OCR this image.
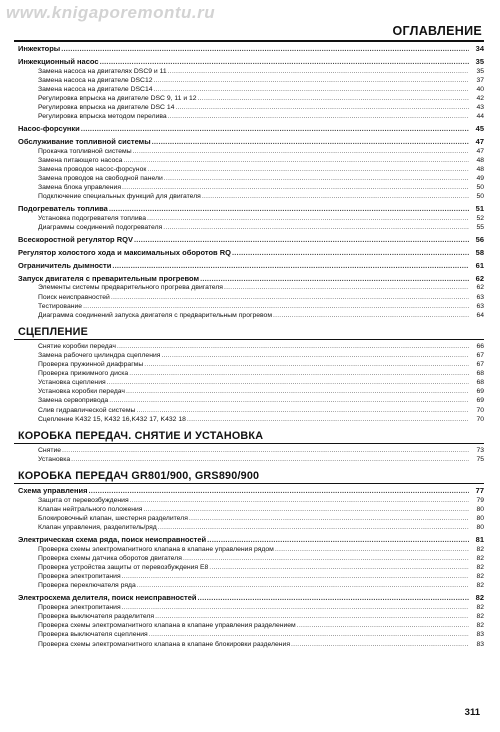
www.knigaporemontu.ru
ОГЛАВЛЕНИЕ
Инжекторы .....	34
Инжекционный насос .....	35
Замена насоса на двигателях DSC9 и 11 .....	35
Замена насоса на двигателе DSC12 .....	37
Замена насоса на двигателе DSC14 .....	40
Регулировка впрыска на двигателе DSC 9, 11 и 12 .....	42
Регулировка впрыска на двигателе DSC 14 .....	43
Регулировка впрыска методом перелива .....	44
Насос-форсунки .....	45
Обслуживание топливной системы .....	47
Прокачка топливной системы .....	47
Замена питающего насоса .....	48
Замена проводов насос-форсунок .....	48
Замена проводов на свободной панели .....	49
Замена блока управления .....	50
Подключение специальных функций для двигателя .....	50
Подогреватель топлива .....	51
Установка подогревателя топлива .....	52
Диаграммы соединений подогревателя .....	55
Всескоростной регулятор RQV .....	56
Регулятор холостого хода и максимальных оборотов RQ .....	58
Ограничитель дымности .....	61
Запуск двигателя с преварительным прогревом .....	62
Элементы системы предварительного прогрева двигателя .....	62
Поиск неисправностей .....	63
Тестирование .....	63
Диаграмма соединений запуска двигателя с предварительным прогревом .....	64
СЦЕПЛЕНИЕ
Снятие коробки передач .....	66
Замена рабочего цилиндра сцепления .....	67
Проверка пружинной диафрагмы .....	67
Проверка прижимного диска .....	68
Установка сцепления .....	68
Установка коробки передач .....	69
Замена сервопривода .....	69
Слив гидравлической системы .....	70
Сцепление K432 15, K432 16,K432 17, K432 18 .....	70
КОРОБКА ПЕРЕДАЧ. СНЯТИЕ И УСТАНОВКА
Снятие .....	73
Установка .....	75
КОРОБКА ПЕРЕДАЧ GR801/900, GRS890/900
Схема управления .....	77
Защита от перевозбуждения .....	79
Клапан нейтрального положения .....	80
Блокировочный клапан, шестерня разделителя .....	80
Клапан управления, разделитель/ряд .....	80
Электрическая схема ряда, поиск неисправностей .....	81
Проверка схемы электромагнитного клапана в клапане управления рядом .....	82
Проверка схемы датчика оборотов двигателя .....	82
Проверка устройства защиты от перевозбуждения E8 .....	82
Проверка электропитания .....	82
Проверка переключателя ряда .....	82
Электросхема делителя, поиск неисправностей .....	82
Проверка электропитания .....	82
Проверка выключателя разделителя .....	82
Проверка схемы электромагнитного клапана в клапане управления разделением .....	82
Проверка выключателя сцепления .....	83
Проверка схемы электромагнитного клапана в клапане блокировки разделения .....	83
311
